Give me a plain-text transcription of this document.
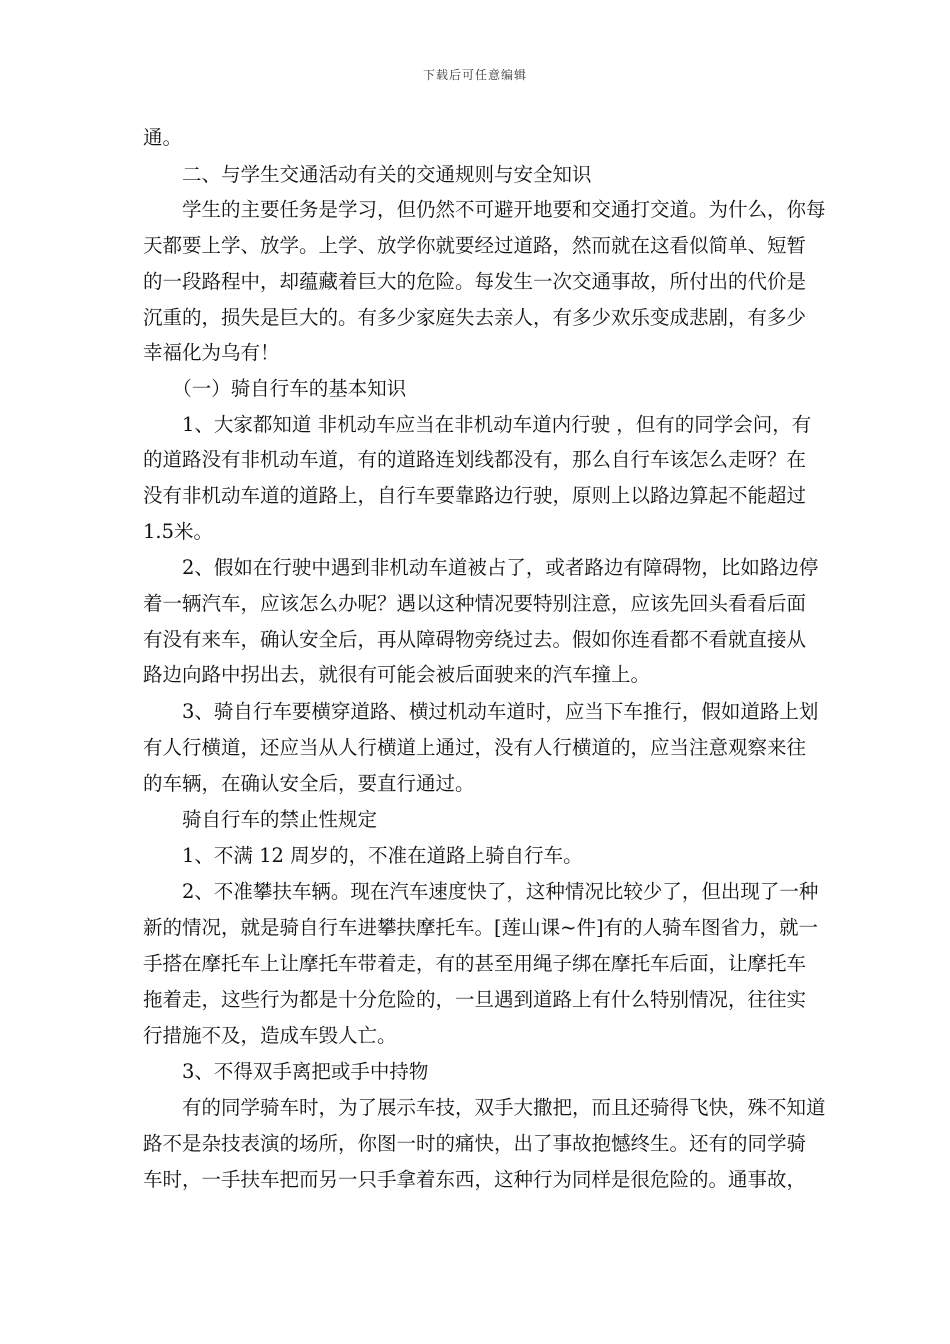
下载后可任意编辑
通。
　　二、与学生交通活动有关的交通规则与安全知识
　　学生的主要任务是学习，但仍然不可避开地要和交通打交道。为什么，你每
天都要上学、放学。上学、放学你就要经过道路，然而就在这看似简单、短暂
的一段路程中，却蕴藏着巨大的危险。每发生一次交通事故，所付出的代价是
沉重的，损失是巨大的。有多少家庭失去亲人，有多少欢乐变成悲剧，有多少
幸福化为乌有！
　　（一）骑自行车的基本知识
　　1、大家都知道 非机动车应当在非机动车道内行驶 ，但有的同学会问，有
的道路没有非机动车道，有的道路连划线都没有，那么自行车该怎么走呀？在
没有非机动车道的道路上，自行车要靠路边行驶，原则上以路边算起不能超过
1.5米。
　　2、假如在行驶中遇到非机动车道被占了，或者路边有障碍物，比如路边停
着一辆汽车，应该怎么办呢？遇以这种情况要特别注意，应该先回头看看后面
有没有来车，确认安全后，再从障碍物旁绕过去。假如你连看都不看就直接从
路边向路中拐出去，就很有可能会被后面驶来的汽车撞上。
　　3、骑自行车要横穿道路、横过机动车道时，应当下车推行，假如道路上划
有人行横道，还应当从人行横道上通过，没有人行横道的，应当注意观察来往
的车辆，在确认安全后，要直行通过。
　　骑自行车的禁止性规定
　　1、不满 12 周岁的，不准在道路上骑自行车。
　　2、不准攀扶车辆。现在汽车速度快了，这种情况比较少了，但出现了一种
新的情况，就是骑自行车进攀扶摩托车。[莲山课~件]有的人骑车图省力，就一
手搭在摩托车上让摩托车带着走，有的甚至用绳子绑在摩托车后面，让摩托车
拖着走，这些行为都是十分危险的，一旦遇到道路上有什么特别情况，往往实
行措施不及，造成车毁人亡。
　　3、不得双手离把或手中持物
　　有的同学骑车时，为了展示车技，双手大撒把，而且还骑得飞快，殊不知道
路不是杂技表演的场所，你图一时的痛快，出了事故抱憾终生。还有的同学骑
车时，一手扶车把而另一只手拿着东西，这种行为同样是很危险的。通事故，
